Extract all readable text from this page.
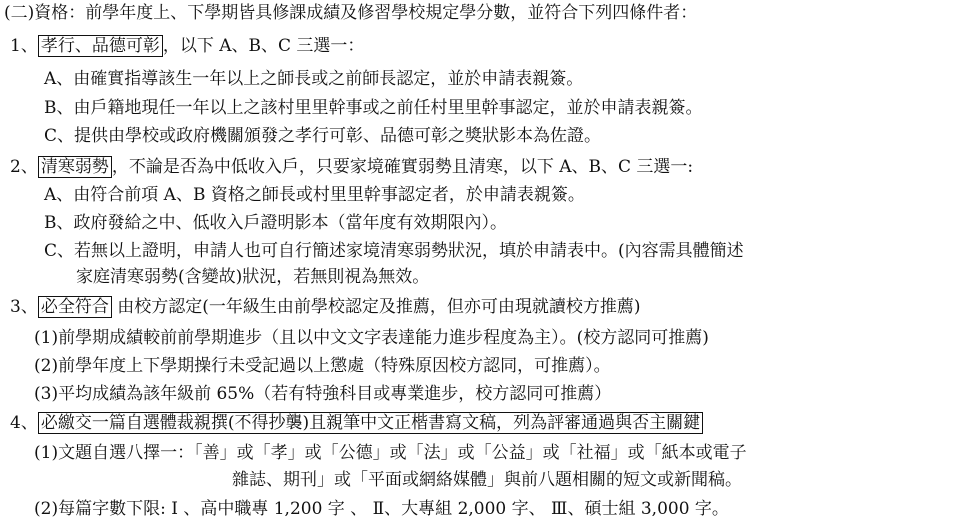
(二)資格：前學年度上、下學期皆具修課成績及修習學校規定學分數，並符合下列四條件者：
1、 孝行、品德可彰 ，以下 A、B、C 三選一：
A、由確實指導該生一年以上之師長或之前師長認定，並於申請表親簽。
B、由戶籍地現任一年以上之該村里里幹事或之前任村里里幹事認定，並於申請表親簽。
C、提供由學校或政府機關頒發之孝行可彰、品德可彰之獎狀影本為佐證。
2、 清寒弱勢 ，不論是否為中低收入戶，只要家境確實弱勢且清寒，以下 A、B、C 三選一:
A、由符合前項 A、B 資格之師長或村里里幹事認定者，於申請表親簽。
B、政府發給之中、低收入戶證明影本（當年度有效期限內）。
C、若無以上證明，申請人也可自行簡述家境清寒弱勢狀況，填於申請表中。(內容需具體簡述
家庭清寒弱勢(含變故)狀況，若無則視為無效。
3、 必全符合 由校方認定(一年級生由前學校認定及推薦，但亦可由現就讀校方推薦)
(1)前學期成績較前前學期進步（且以中文文字表達能力進步程度為主）。(校方認同可推薦)
(2)前學年度上下學期操行未受記過以上懲處（特殊原因校方認同，可推薦）。
(3)平均成績為該年級前 65%（若有特強科目或專業進步，校方認同可推薦）
4、 必繳交一篇自選體裁親撰(不得抄襲)且親筆中文正楷書寫文稿，列為評審通過與否主關鍵
(1)文題自選八擇一：「善」或「孝」或「公德」或「法」或「公益」或「社福」或「紙本或電子
雜誌、期刊」或「平面或網絡媒體」與前八題相關的短文或新聞稿。
(2)每篇字數下限: I 、高中職專 1,200 字 、 Ⅱ、大專組 2,000 字、 Ⅲ、碩士組 3,000 字。
